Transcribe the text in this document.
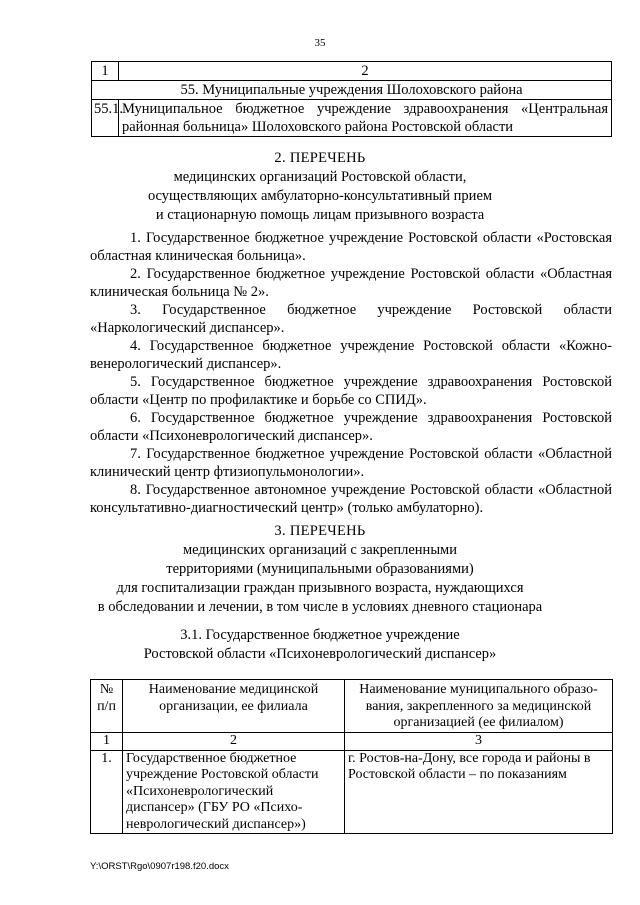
35
1	2
55. Муниципальные учреждения Шолоховского района	
55.1.	Муниципальное бюджетное учреждение здравоохранения «Центральная районная больница» Шолоховского района Ростовской области
2. ПЕРЕЧЕНЬ
медицинских организаций Ростовской области,
осуществляющих амбулаторно-консультативный прием
и стационарную помощь лицам призывного возраста

1. Государственное бюджетное учреждение Ростовской области «Ростовская областная клиническая больница».

2. Государственное бюджетное учреждение Ростовской области «Областная клиническая больница № 2».

3. Государственное бюджетное учреждение Ростовской области «Наркологический диспансер».

4. Государственное бюджетное учреждение Ростовской области «Кожно-венерологический диспансер».

5. Государственное бюджетное учреждение здравоохранения Ростовской области «Центр по профилактике и борьбе со СПИД».

6. Государственное бюджетное учреждение здравоохранения Ростовской области «Психоневрологический диспансер».

7. Государственное бюджетное учреждение Ростовской области «Областной клинический центр фтизиопульмонологии».

8. Государственное автономное учреждение Ростовской области «Областной консультативно-диагностический центр» (только амбулаторно).

3. ПЕРЕЧЕНЬ
медицинских организаций с закрепленными
территориями (муниципальными образованиями)
для госпитализации граждан призывного возраста, нуждающихся
в обследовании и лечении, в том числе в условиях дневного стационара
3.1. Государственное бюджетное учреждение
Ростовской области «Психоневрологический диспансер»
№ п/п	Наименование медицинской организации, ее филиала	Наименование муниципального образо-вания, закрепленного за медицинской организацией (ее филиалом)
1	2	3
1.	Государственное бюджетное учреждение Ростовской области «Психоневрологический диспансер» (ГБУ РО «Психо-неврологический диспансер»)	г. Ростов-на-Дону, все города и районы в Ростовской области – по показаниям
Y:\ORST\Rgo\0907r198.f20.docx
